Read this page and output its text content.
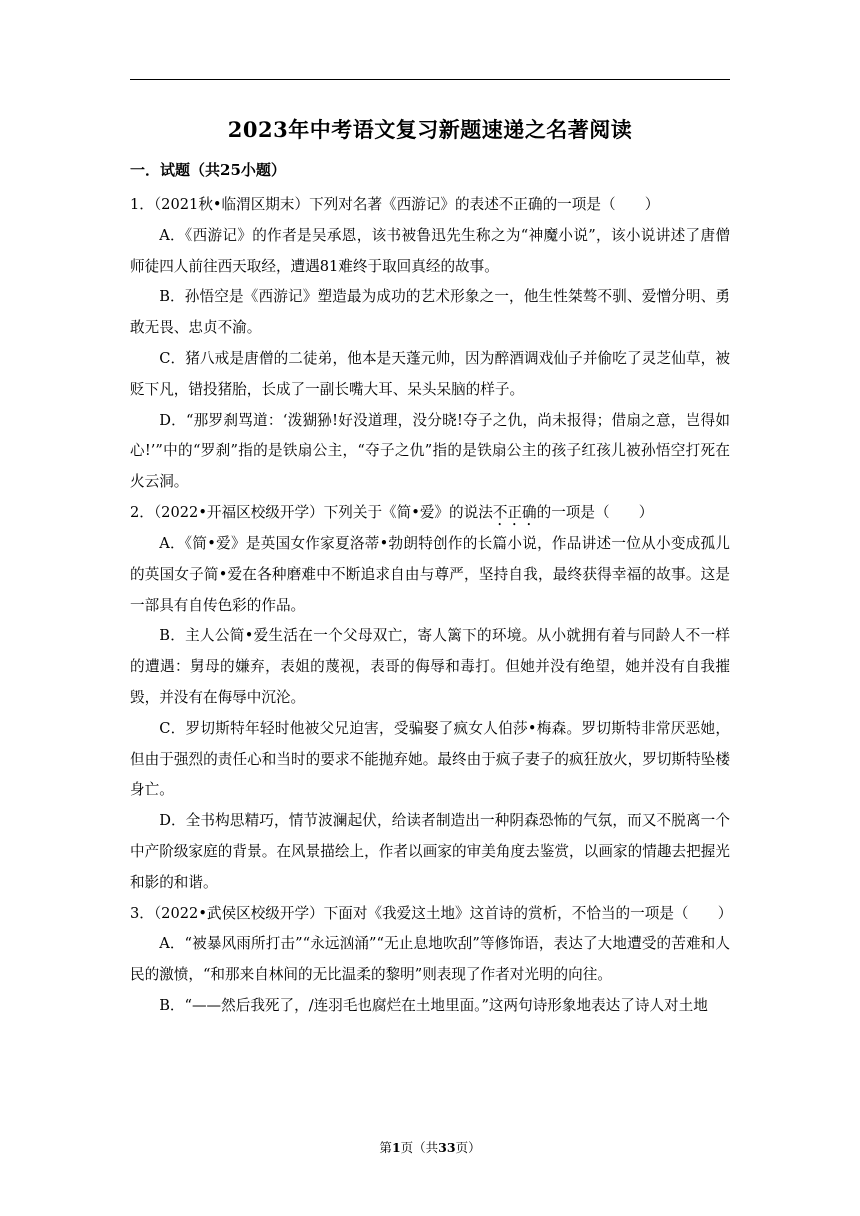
2023年中考语文复习新题速递之名著阅读

一．试题（共25小题）

1．（2021秋•临渭区期末）下列对名著《西游记》的表述不正确的一项是（　　）

A．《西游记》的作者是吴承恩，该书被鲁迅先生称之为“神魔小说”，该小说讲述了唐僧师徒四人前往西天取经，遭遇81难终于取回真经的故事。

B．孙悟空是《西游记》塑造最为成功的艺术形象之一，他生性桀骜不驯、爱憎分明、勇敢无畏、忠贞不渝。

C．猪八戒是唐僧的二徒弟，他本是天蓬元帅，因为醉酒调戏仙子并偷吃了灵芝仙草，被贬下凡，错投猪胎，长成了一副长嘴大耳、呆头呆脑的样子。

D．“那罗刹骂道：‘泼猢狲!好没道理，没分晓!夺子之仇，尚未报得；借扇之意，岂得如心!’”中的“罗刹”指的是铁扇公主，“夺子之仇”指的是铁扇公主的孩子红孩儿被孙悟空打死在火云洞。

2．（2022•开福区校级开学）下列关于《简•爱》的说法不正确的一项是（　　）

A．《简•爱》是英国女作家夏洛蒂•勃朗特创作的长篇小说，作品讲述一位从小变成孤儿的英国女子简•爱在各种磨难中不断追求自由与尊严，坚持自我，最终获得幸福的故事。这是一部具有自传色彩的作品。

B．主人公简•爱生活在一个父母双亡，寄人篱下的环境。从小就拥有着与同龄人不一样的遭遇：舅母的嫌弃，表姐的蔑视，表哥的侮辱和毒打。但她并没有绝望，她并没有自我摧毁，并没有在侮辱中沉沦。

C．罗切斯特年轻时他被父兄迫害，受骗娶了疯女人伯莎•梅森。罗切斯特非常厌恶她，但由于强烈的责任心和当时的要求不能抛弃她。最终由于疯子妻子的疯狂放火，罗切斯特坠楼身亡。

D．全书构思精巧，情节波澜起伏，给读者制造出一种阴森恐怖的气氛，而又不脱离一个中产阶级家庭的背景。在风景描绘上，作者以画家的审美角度去鉴赏，以画家的情趣去把握光和影的和谐。

3．（2022•武侯区校级开学）下面对《我爱这土地》这首诗的赏析，不恰当的一项是（　　）

A．“被暴风雨所打击”“永远汹涌”“无止息地吹刮”等修饰语，表达了大地遭受的苦难和人民的激愤，“和那来自林间的无比温柔的黎明”则表现了作者对光明的向往。

B．“——然后我死了，/连羽毛也腐烂在土地里面。”这两句诗形象地表达了诗人对土地

第1页（共33页）
